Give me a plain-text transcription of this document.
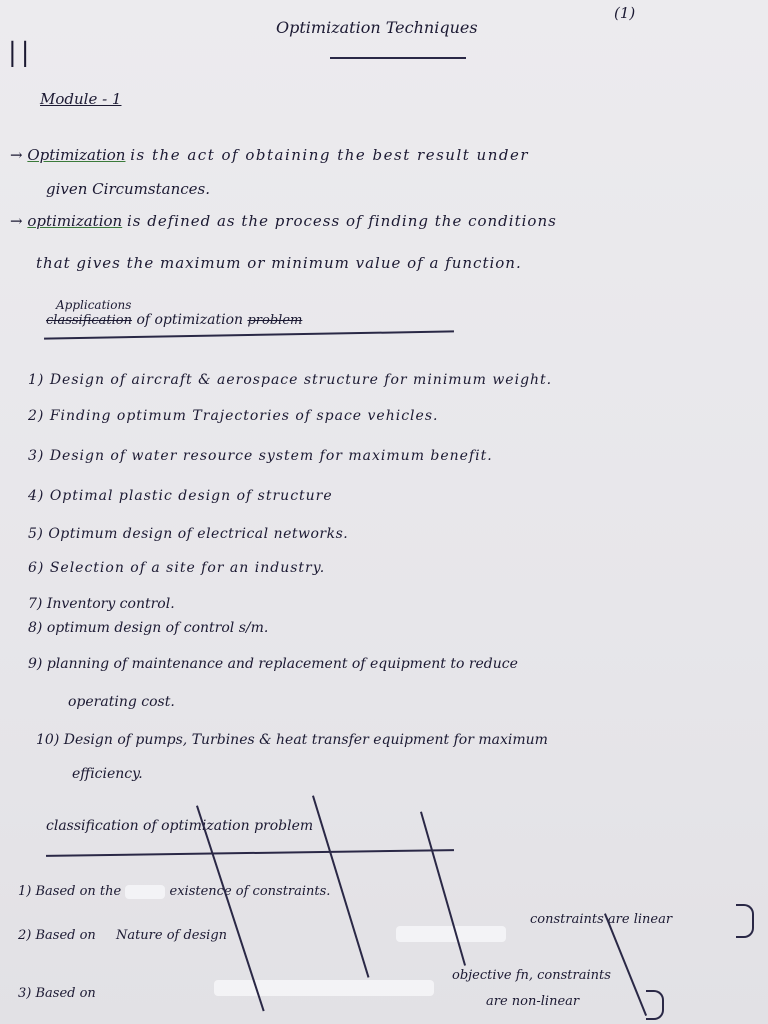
||
Optimization Techniques
(1)
Module - 1
→ Optimization is the act of obtaining the best result under
given Circumstances.
→ optimization is defined as the process of finding the conditions
that gives the maximum or minimum value of a function.
Applications
classification of optimization problem
1) Design of aircraft & aerospace structure for minimum weight.
2) Finding optimum Trajectories of space vehicles.
3) Design of water resource system for maximum benefit.
4) Optimal plastic design of structure
5) Optimum design of electrical networks.
6) Selection of a site for an industry.
7) Inventory control.
8) optimum design of control s/m.
9) planning of maintenance and replacement of equipment to reduce
operating cost.
10) Design of pumps, Turbines & heat transfer equipment for maximum
efficiency.
classification of optimization problem
1) Based on the	existence of constraints.
2) Based on Nature of design
constraints are linear
3) Based on
objective fn, constraints
are non-linear
